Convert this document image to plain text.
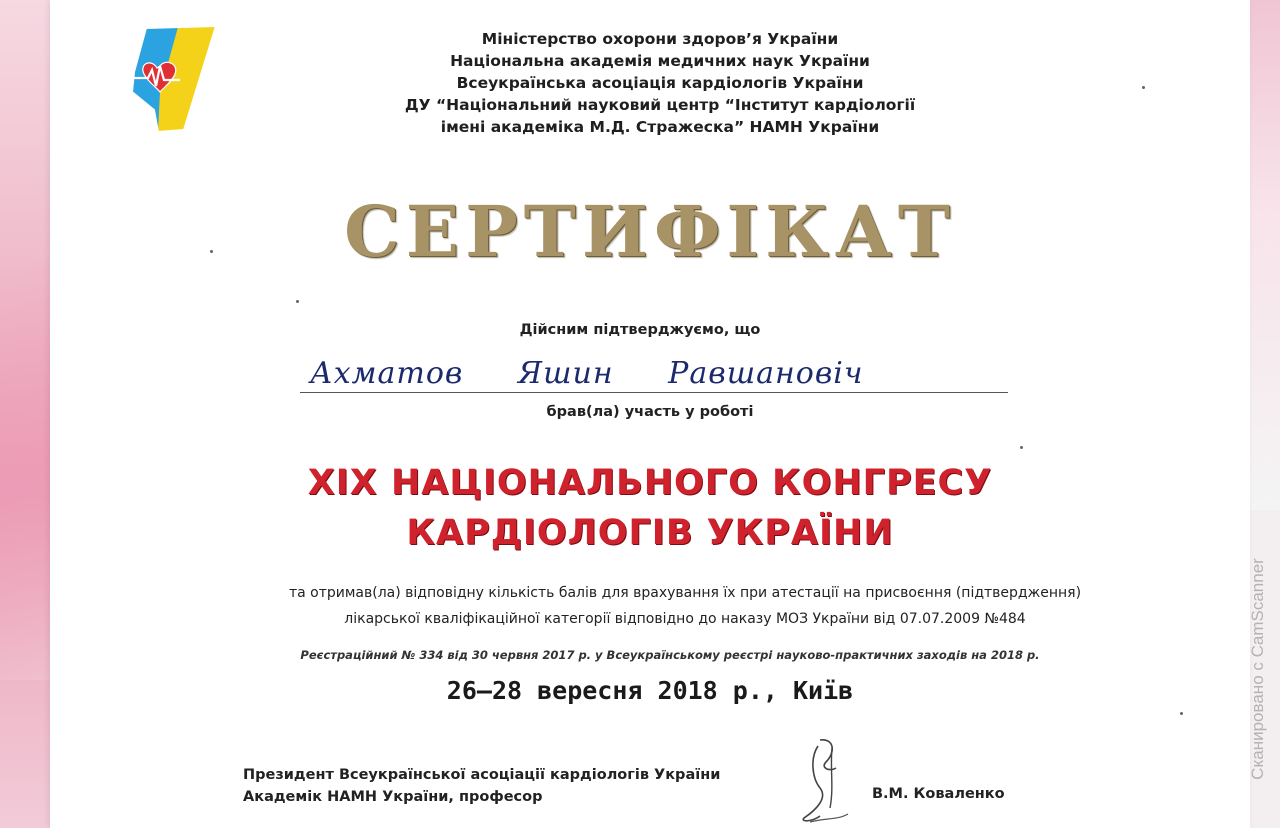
Міністерство охорони здоров’я України
Національна академія медичних наук України
Всеукраїнська асоціація кардіологів України
ДУ “Національний науковий центр “Інститут кардіології
імені академіка М.Д. Стражеска” НАМН України
СЕРТИФІКАТ
Дійсним підтверджуємо, що
Ахматов Яшин Равшановіч
брав(ла) участь у роботі
XIX НАЦІОНАЛЬНОГО КОНГРЕСУ
КАРДІОЛОГІВ УКРАЇНИ
та отримав(ла) відповідну кількість балів для врахування їх при атестації на присвоєння (підтвердження)
лікарської кваліфікаційної категорії відповідно до наказу МОЗ України від 07.07.2009 №484
Реєстраційний № 334 від 30 червня 2017 р. у Всеукраїнському реєстрі науково-практичних заходів на 2018 р.
26–28 вересня 2018 р., Київ
Президент Всеукраїнської асоціації кардіологів України
Академік НАМН України, професор	В.М. Коваленко
Сканировано с CamScanner
